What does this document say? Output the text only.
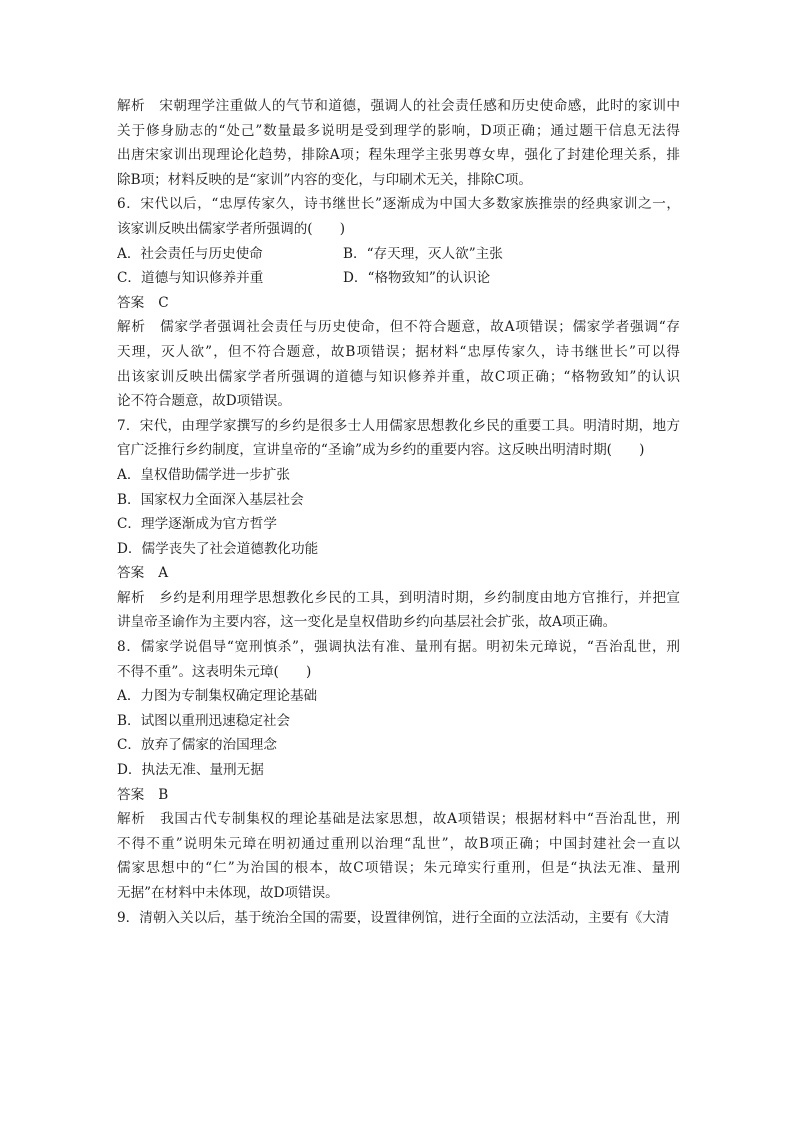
解析　宋朝理学注重做人的气节和道德，强调人的社会责任感和历史使命感，此时的家训中
关于修身励志的“处己”数量最多说明是受到理学的影响，D项正确；通过题干信息无法得
出唐宋家训出现理论化趋势，排除A项；程朱理学主张男尊女卑，强化了封建伦理关系，排
除B项；材料反映的是“家训”内容的变化，与印刷术无关，排除C项。
6．宋代以后，“忠厚传家久，诗书继世长”逐渐成为中国大多数家族推崇的经典家训之一，
该家训反映出儒家学者所强调的(　　)
A．社会责任与历史使命	B．“存天理，灭人欲”主张
C．道德与知识修养并重	D．“格物致知”的认识论
答案 C
解析　儒家学者强调社会责任与历史使命，但不符合题意，故A项错误；儒家学者强调“存
天理，灭人欲”，但不符合题意，故B项错误；据材料“忠厚传家久，诗书继世长”可以得
出该家训反映出儒家学者所强调的道德与知识修养并重，故C项正确；“格物致知”的认识
论不符合题意，故D项错误。
7．宋代，由理学家撰写的乡约是很多士人用儒家思想教化乡民的重要工具。明清时期，地方
官广泛推行乡约制度，宣讲皇帝的“圣谕”成为乡约的重要内容。这反映出明清时期(　　)
A．皇权借助儒学进一步扩张
B．国家权力全面深入基层社会
C．理学逐渐成为官方哲学
D．儒学丧失了社会道德教化功能
答案 A
解析　乡约是利用理学思想教化乡民的工具，到明清时期，乡约制度由地方官推行，并把宣
讲皇帝圣谕作为主要内容，这一变化是皇权借助乡约向基层社会扩张，故A项正确。
8．儒家学说倡导“宽刑慎杀”，强调执法有准、量刑有据。明初朱元璋说，“吾治乱世，刑
不得不重”。这表明朱元璋(　　)
A．力图为专制集权确定理论基础
B．试图以重刑迅速稳定社会
C．放弃了儒家的治国理念
D．执法无准、量刑无据
答案 B
解析　我国古代专制集权的理论基础是法家思想，故A项错误；根据材料中“吾治乱世，刑
不得不重”说明朱元璋在明初通过重刑以治理“乱世”，故B项正确；中国封建社会一直以
儒家思想中的“仁”为治国的根本，故C项错误；朱元璋实行重刑，但是“执法无准、量刑
无据”在材料中未体现，故D项错误。
9．清朝入关以后，基于统治全国的需要，设置律例馆，进行全面的立法活动，主要有《大清
